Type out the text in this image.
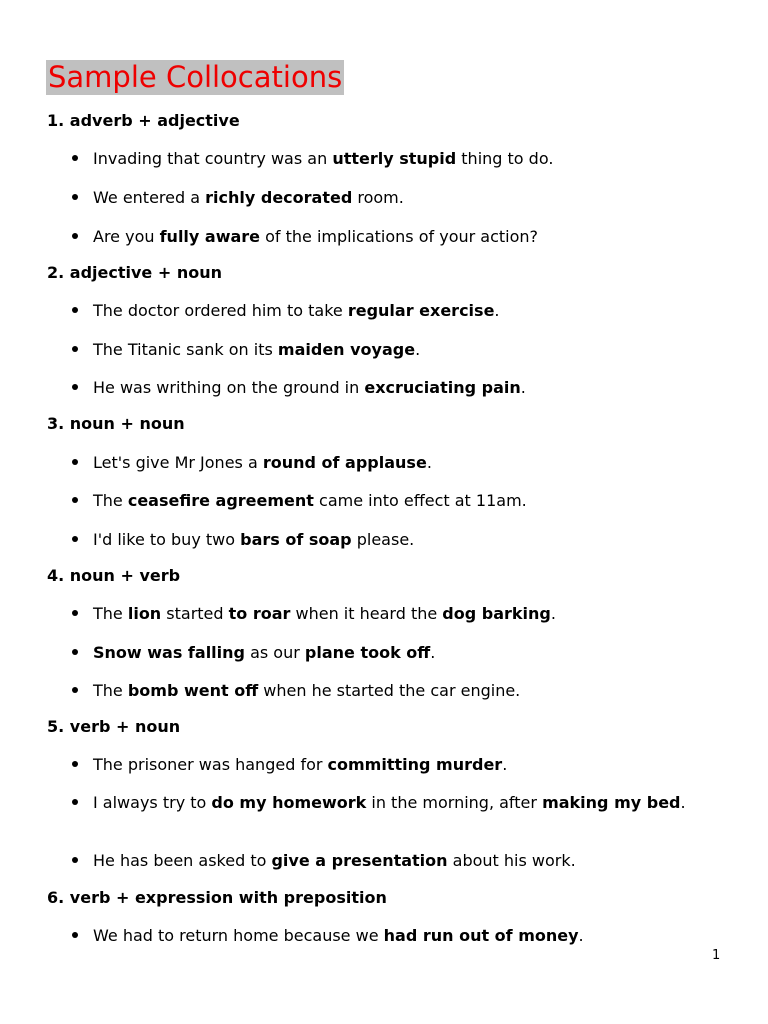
Sample Collocations
1. adverb + adjective
Invading that country was an utterly stupid thing to do.
We entered a richly decorated room.
Are you fully aware of the implications of your action?
2. adjective + noun
The doctor ordered him to take regular exercise.
The Titanic sank on its maiden voyage.
He was writhing on the ground in excruciating pain.
3. noun + noun
Let's give Mr Jones a round of applause.
The ceasefire agreement came into effect at 11am.
I'd like to buy two bars of soap please.
4. noun + verb
The lion started to roar when it heard the dog barking.
Snow was falling as our plane took off.
The bomb went off when he started the car engine.
5. verb + noun
The prisoner was hanged for committing murder.
I always try to do my homework in the morning, after making my bed.
He has been asked to give a presentation about his work.
6. verb + expression with preposition
We had to return home because we had run out of money.
1
